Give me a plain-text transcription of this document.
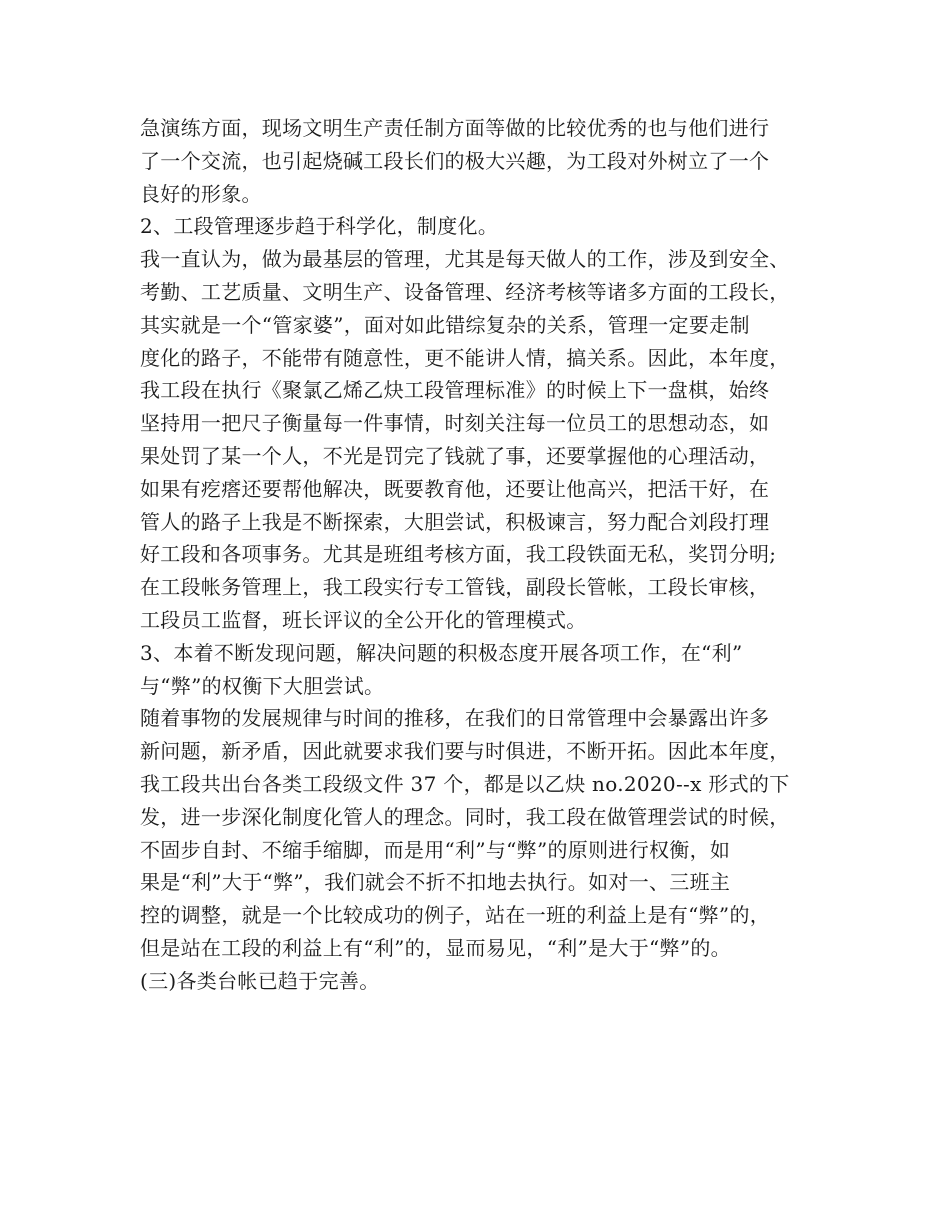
急演练方面，现场文明生产责任制方面等做的比较优秀的也与他们进行
了一个交流，也引起烧碱工段长们的极大兴趣，为工段对外树立了一个
良好的形象。
2、工段管理逐步趋于科学化，制度化。
我一直认为，做为最基层的管理，尤其是每天做人的工作，涉及到安全、
考勤、工艺质量、文明生产、设备管理、经济考核等诸多方面的工段长，
其实就是一个“管家婆”，面对如此错综复杂的关系，管理一定要走制
度化的路子，不能带有随意性，更不能讲人情，搞关系。因此，本年度，
我工段在执行《聚氯乙烯乙炔工段管理标准》的时候上下一盘棋，始终
坚持用一把尺子衡量每一件事情，时刻关注每一位员工的思想动态，如
果处罚了某一个人，不光是罚完了钱就了事，还要掌握他的心理活动，
如果有疙瘩还要帮他解决，既要教育他，还要让他高兴，把活干好，在
管人的路子上我是不断探索，大胆尝试，积极谏言，努力配合刘段打理
好工段和各项事务。尤其是班组考核方面，我工段铁面无私，奖罚分明;
在工段帐务管理上，我工段实行专工管钱，副段长管帐，工段长审核，
工段员工监督，班长评议的全公开化的管理模式。
3、本着不断发现问题，解决问题的积极态度开展各项工作，在“利”
与“弊”的权衡下大胆尝试。
随着事物的发展规律与时间的推移，在我们的日常管理中会暴露出许多
新问题，新矛盾，因此就要求我们要与时俱进，不断开拓。因此本年度，
我工段共出台各类工段级文件 37 个，都是以乙炔 no.2020--x 形式的下
发，进一步深化制度化管人的理念。同时，我工段在做管理尝试的时候，
不固步自封、不缩手缩脚，而是用“利”与“弊”的原则进行权衡，如
果是“利”大于“弊”，我们就会不折不扣地去执行。如对一、三班主
控的调整，就是一个比较成功的例子，站在一班的利益上是有“弊”的，
但是站在工段的利益上有“利”的，显而易见，“利”是大于“弊”的。
(三)各类台帐已趋于完善。
